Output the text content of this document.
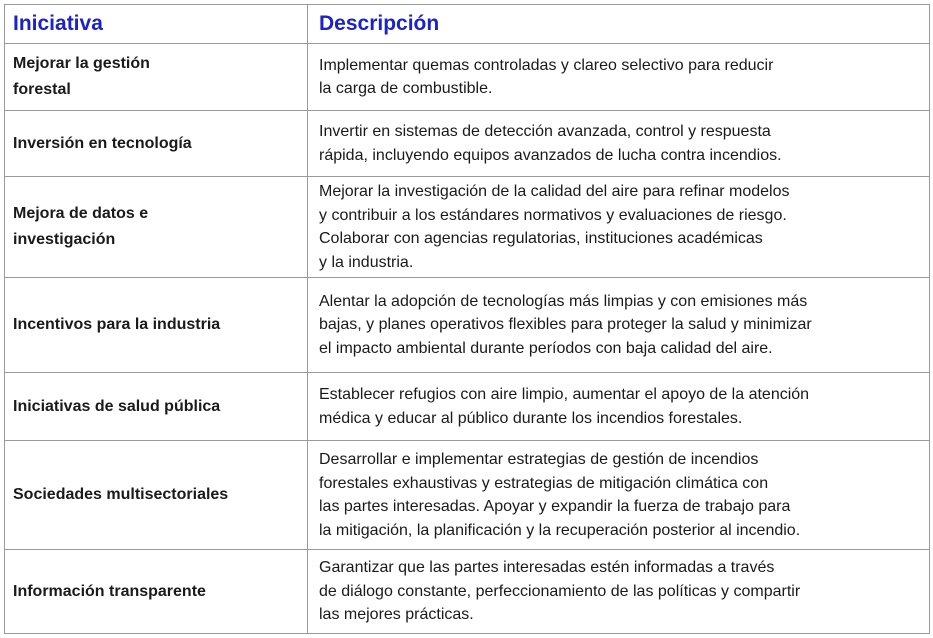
Iniciativa	Descripción

Mejorar la gestión
forestal	Implementar quemas controladas y clareo selectivo para reducir
la carga de combustible.

Inversión en tecnología	Invertir en sistemas de detección avanzada, control y respuesta
rápida, incluyendo equipos avanzados de lucha contra incendios.

Mejora de datos e
investigación	Mejorar la investigación de la calidad del aire para refinar modelos
y contribuir a los estándares normativos y evaluaciones de riesgo.
Colaborar con agencias regulatorias, instituciones académicas
y la industria.

Incentivos para la industria	Alentar la adopción de tecnologías más limpias y con emisiones más
bajas, y planes operativos flexibles para proteger la salud y minimizar
el impacto ambiental durante períodos con baja calidad del aire.

Iniciativas de salud pública	Establecer refugios con aire limpio, aumentar el apoyo de la atención
médica y educar al público durante los incendios forestales.

Sociedades multisectoriales	Desarrollar e implementar estrategias de gestión de incendios
forestales exhaustivas y estrategias de mitigación climática con
las partes interesadas. Apoyar y expandir la fuerza de trabajo para
la mitigación, la planificación y la recuperación posterior al incendio.

Información transparente	Garantizar que las partes interesadas estén informadas a través
de diálogo constante, perfeccionamiento de las políticas y compartir
las mejores prácticas.
